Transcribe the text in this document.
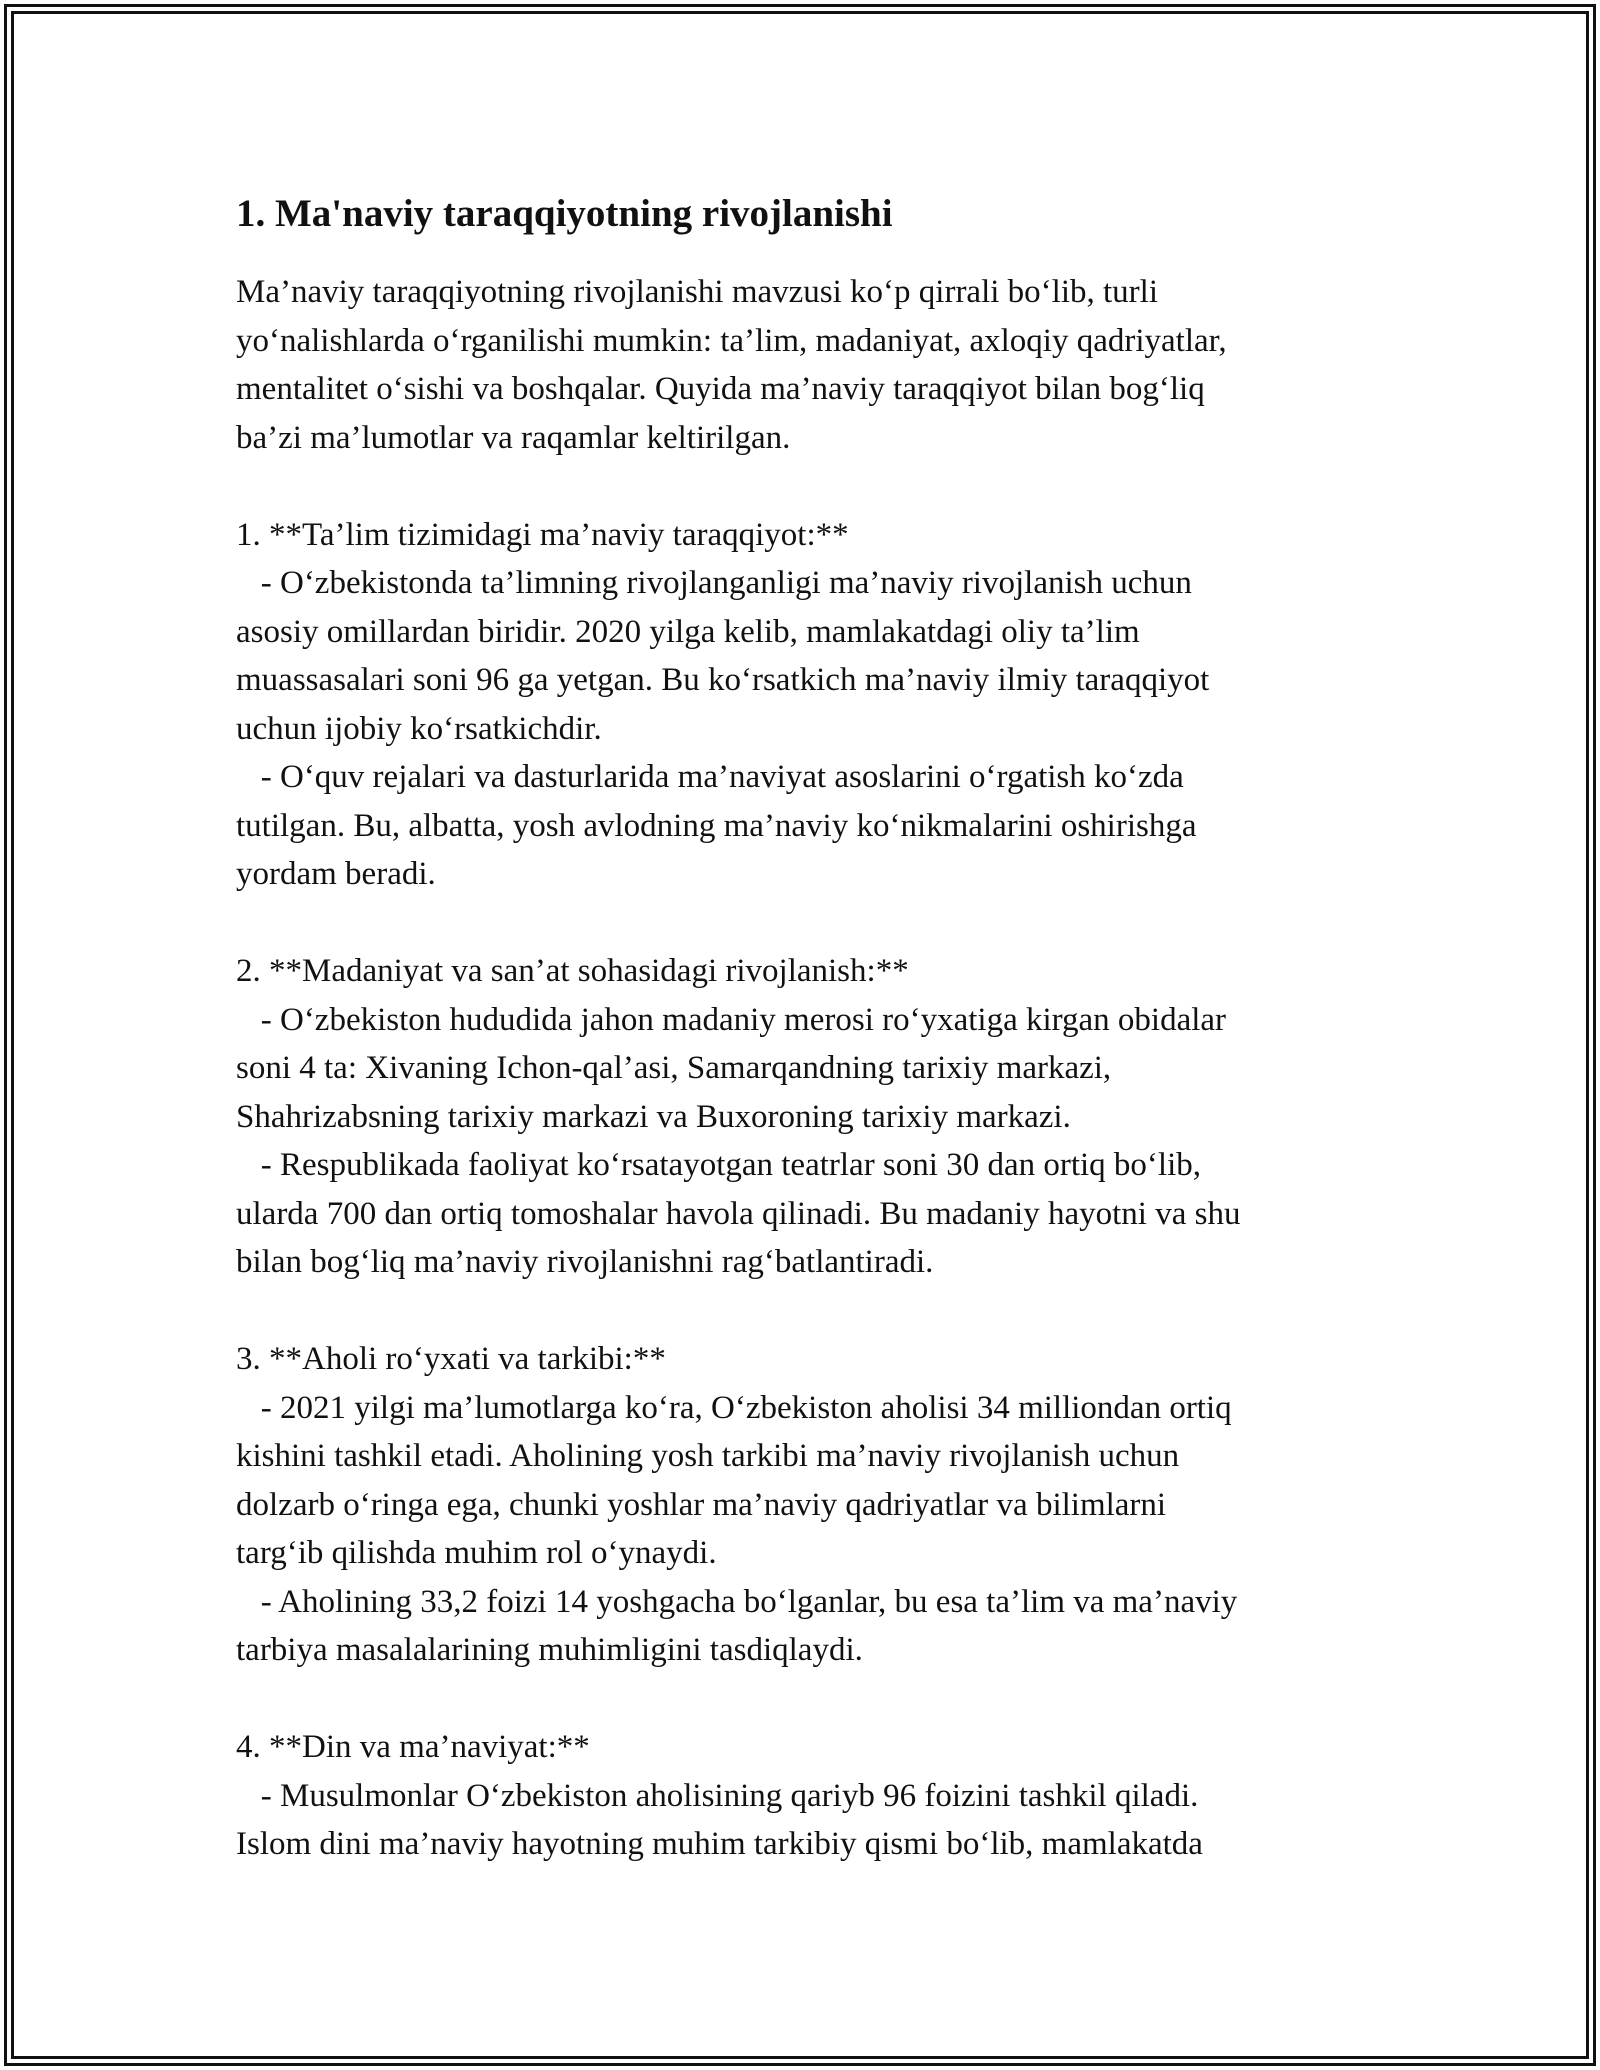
1. Ma'naviy taraqqiyotning rivojlanishi

Ma’naviy taraqqiyotning rivojlanishi mavzusi ko‘p qirrali bo‘lib, turli
yo‘nalishlarda o‘rganilishi mumkin: ta’lim, madaniyat, axloqiy qadriyatlar,
mentalitet o‘sishi va boshqalar. Quyida ma’naviy taraqqiyot bilan bog‘liq
ba’zi ma’lumotlar va raqamlar keltirilgan.

1. **Ta’lim tizimidagi ma’naviy taraqqiyot:**
- O‘zbekistonda ta’limning rivojlanganligi ma’naviy rivojlanish uchun
asosiy omillardan biridir. 2020 yilga kelib, mamlakatdagi oliy ta’lim
muassasalari soni 96 ga yetgan. Bu ko‘rsatkich ma’naviy ilmiy taraqqiyot
uchun ijobiy ko‘rsatkichdir.
- O‘quv rejalari va dasturlarida ma’naviyat asoslarini o‘rgatish ko‘zda
tutilgan. Bu, albatta, yosh avlodning ma’naviy ko‘nikmalarini oshirishga
yordam beradi.

2. **Madaniyat va san’at sohasidagi rivojlanish:**
- O‘zbekiston hududida jahon madaniy merosi ro‘yxatiga kirgan obidalar
soni 4 ta: Xivaning Ichon-qal’asi, Samarqandning tarixiy markazi,
Shahrizabsning tarixiy markazi va Buxoroning tarixiy markazi.
- Respublikada faoliyat ko‘rsatayotgan teatrlar soni 30 dan ortiq bo‘lib,
ularda 700 dan ortiq tomoshalar havola qilinadi. Bu madaniy hayotni va shu
bilan bog‘liq ma’naviy rivojlanishni rag‘batlantiradi.

3. **Aholi ro‘yxati va tarkibi:**
- 2021 yilgi ma’lumotlarga ko‘ra, O‘zbekiston aholisi 34 milliondan ortiq
kishini tashkil etadi. Aholining yosh tarkibi ma’naviy rivojlanish uchun
dolzarb o‘ringa ega, chunki yoshlar ma’naviy qadriyatlar va bilimlarni
targ‘ib qilishda muhim rol o‘ynaydi.
- Aholining 33,2 foizi 14 yoshgacha bo‘lganlar, bu esa ta’lim va ma’naviy
tarbiya masalalarining muhimligini tasdiqlaydi.

4. **Din va ma’naviyat:**
- Musulmonlar O‘zbekiston aholisining qariyb 96 foizini tashkil qiladi.
Islom dini ma’naviy hayotning muhim tarkibiy qismi bo‘lib, mamlakatda
